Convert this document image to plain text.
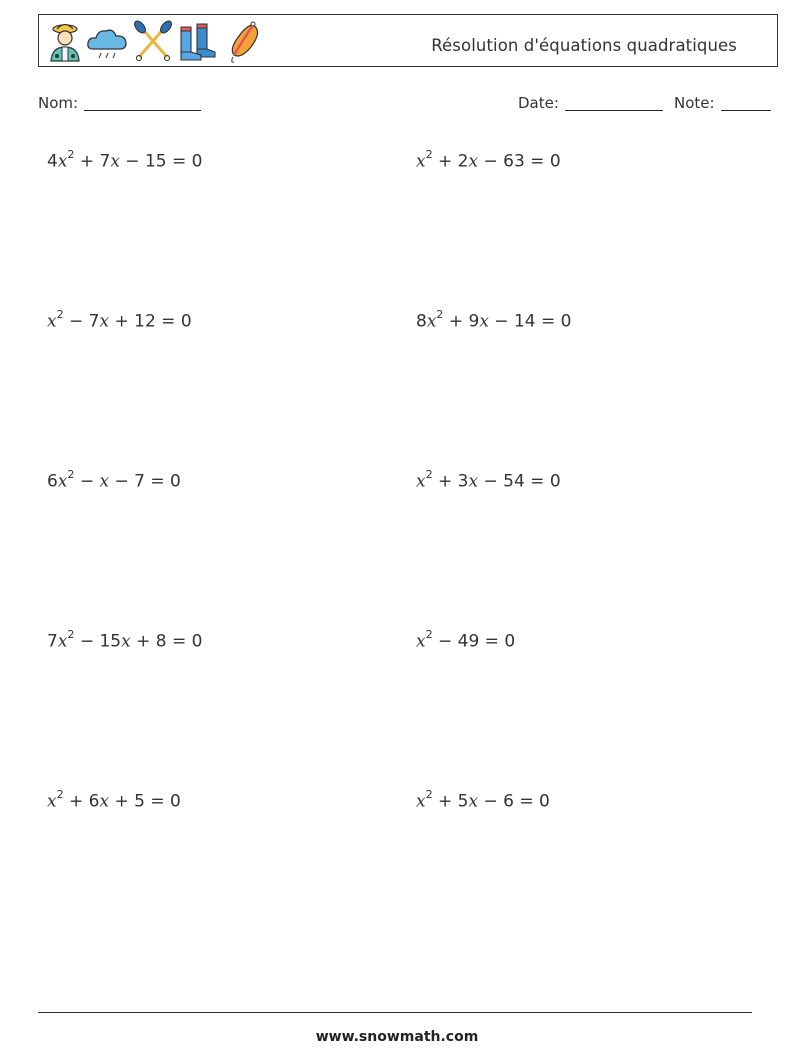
Résolution d'équations quadratiques
Nom:	Date:	Note:
$4x^2 + 7x - 15 = 0$	$x^2 + 2x - 63 = 0$
$x^2 - 7x + 12 = 0$	$8x^2 + 9x - 14 = 0$
$6x^2 - x - 7 = 0$	$x^2 + 3x - 54 = 0$
$7x^2 - 15x + 8 = 0$	$x^2 - 49 = 0$
$x^2 + 6x + 5 = 0$	$x^2 + 5x - 6 = 0$
www.snowmath.com
